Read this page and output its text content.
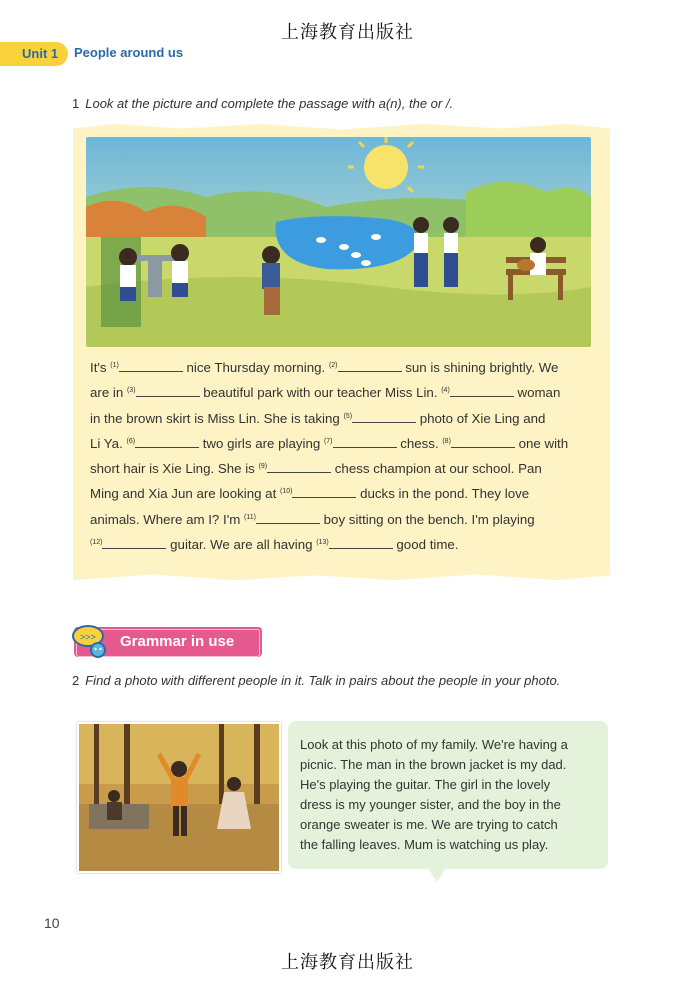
上海教育出版社
Unit 1 People around us
1 Look at the picture and complete the passage with a(n), the or /.

It's $^{(1)}$	nice Thursday morning. $^{(2)}$	sun is shining brightly. We

are in $^{(3)}$	beautiful park with our teacher Miss Lin. $^{(4)}$	woman

in the brown skirt is Miss Lin. She is taking $^{(5)}$	photo of Xie Ling and

Li Ya. $^{(6)}$	two girls are playing $^{(7)}$	chess. $^{(8)}$	one with

short hair is Xie Ling. She is $^{(9)}$	chess champion at our school. Pan

Ming and Xia Jun are looking at $^{(10)}$	ducks in the pond. They love

animals. Where am I? I'm $^{(11)}$	boy sitting on the bench. I'm playing

$^{(12)}$	guitar. We are all having $^{(13)}$	good time.

Grammar in use
>>>
2 Find a photo with different people in it. Talk in pairs about the people in your photo.

Look at this photo of my family. We're having a

picnic. The man in the brown jacket is my dad.

He's playing the guitar. The girl in the lovely

dress is my younger sister, and the boy in the

orange sweater is me. We are trying to catch

the falling leaves. Mum is watching us play.

10
上海教育出版社
